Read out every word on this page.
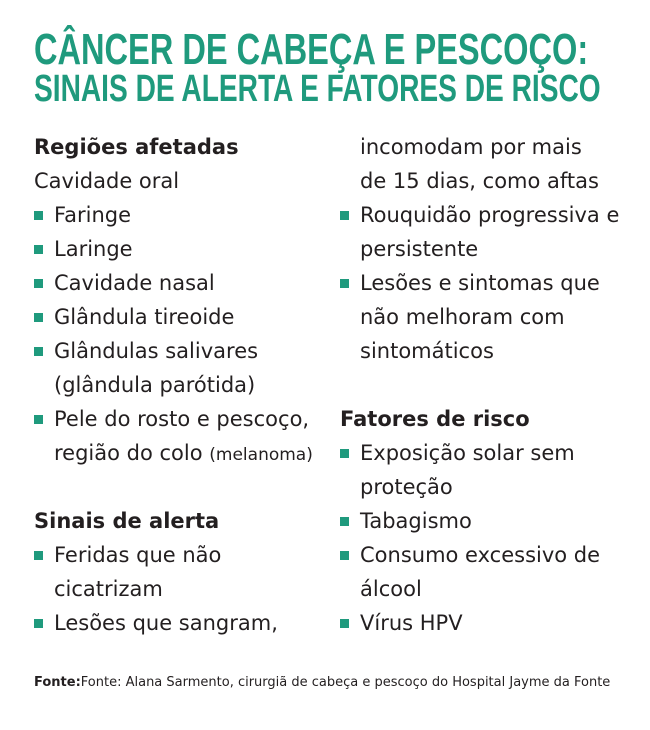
CÂNCER DE CABEÇA E PESCOÇO:
SINAIS DE ALERTA E FATORES DE RISCO
Regiões afetadas
Cavidade oral
Faringe
Laringe
Cavidade nasal
Glândula tireoide
Glândulas salivares
(glândula parótida)
Pele do rosto e pescoço,
região do colo (melanoma)
Sinais de alerta
Feridas que não
cicatrizam
Lesões que sangram,
incomodam por mais
de 15 dias, como aftas
Rouquidão progressiva e
persistente
Lesões e sintomas que
não melhoram com
sintomáticos
Fatores de risco
Exposição solar sem
proteção
Tabagismo
Consumo excessivo de
álcool
Vírus HPV
Fonte:Fonte: Alana Sarmento, cirurgiã de cabeça e pescoço do Hospital Jayme da Fonte
